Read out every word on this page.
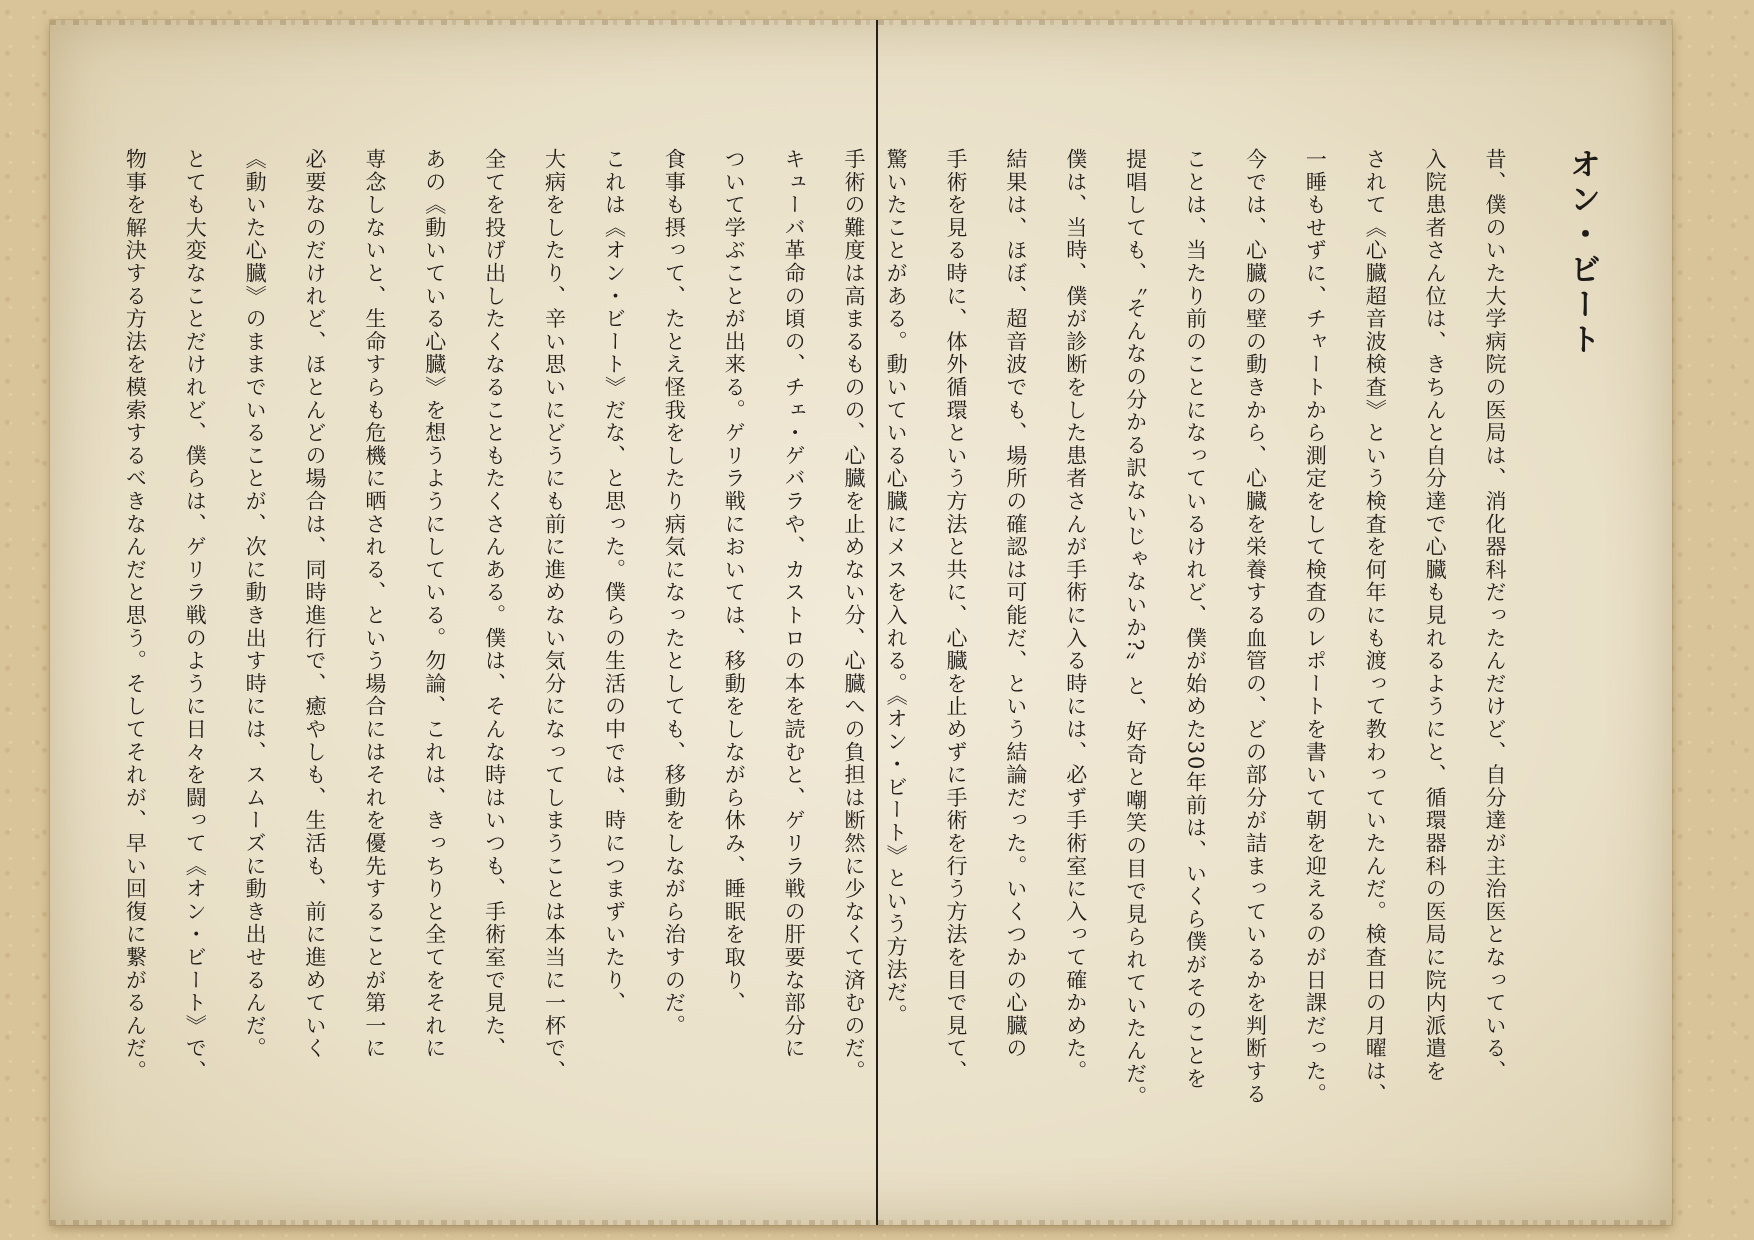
オン・ビート
昔、僕のいた大学病院の医局は、消化器科だったんだけど、自分達が主治医となっている、
入院患者さん位は、きちんと自分達で心臓も見れるようにと、循環器科の医局に院内派遣を
されて《心臓超音波検査》という検査を何年にも渡って教わっていたんだ。検査日の月曜は、
一睡もせずに、チャートから測定をして検査のレポートを書いて朝を迎えるのが日課だった。
今では、心臓の壁の動きから、心臓を栄養する血管の、どの部分が詰まっているかを判断する
ことは、当たり前のことになっているけれど、僕が始めた30年前は、いくら僕がそのことを
提唱しても、〝そんなの分かる訳ないじゃないか?〟と、好奇と嘲笑の目で見られていたんだ。
僕は、当時、僕が診断をした患者さんが手術に入る時には、必ず手術室に入って確かめた。
結果は、ほぼ、超音波でも、場所の確認は可能だ、という結論だった。いくつかの心臓の
手術を見る時に、体外循環という方法と共に、心臓を止めずに手術を行う方法を目で見て、
驚いたことがある。動いている心臓にメスを入れる。《オン・ビート》という方法だ。
手術の難度は高まるものの、心臓を止めない分、心臓への負担は断然に少なくて済むのだ。
キューバ革命の頃の、チェ・ゲバラや、カストロの本を読むと、ゲリラ戦の肝要な部分に
ついて学ぶことが出来る。ゲリラ戦においては、移動をしながら休み、睡眠を取り、
食事も摂って、たとえ怪我をしたり病気になったとしても、移動をしながら治すのだ。
これは《オン・ビート》だな、と思った。僕らの生活の中では、時につまずいたり、
大病をしたり、辛い思いにどうにも前に進めない気分になってしまうことは本当に一杯で、
全てを投げ出したくなることもたくさんある。僕は、そんな時はいつも、手術室で見た、
あの《動いている心臓》を想うようにしている。勿論、これは、きっちりと全てをそれに
専念しないと、生命すらも危機に晒される、という場合にはそれを優先することが第一に
必要なのだけれど、ほとんどの場合は、同時進行で、癒やしも、生活も、前に進めていく
《動いた心臓》のままでいることが、次に動き出す時には、スムーズに動き出せるんだ。
とても大変なことだけれど、僕らは、ゲリラ戦のように日々を闘って《オン・ビート》で、
物事を解決する方法を模索するべきなんだと思う。そしてそれが、早い回復に繋がるんだ。
